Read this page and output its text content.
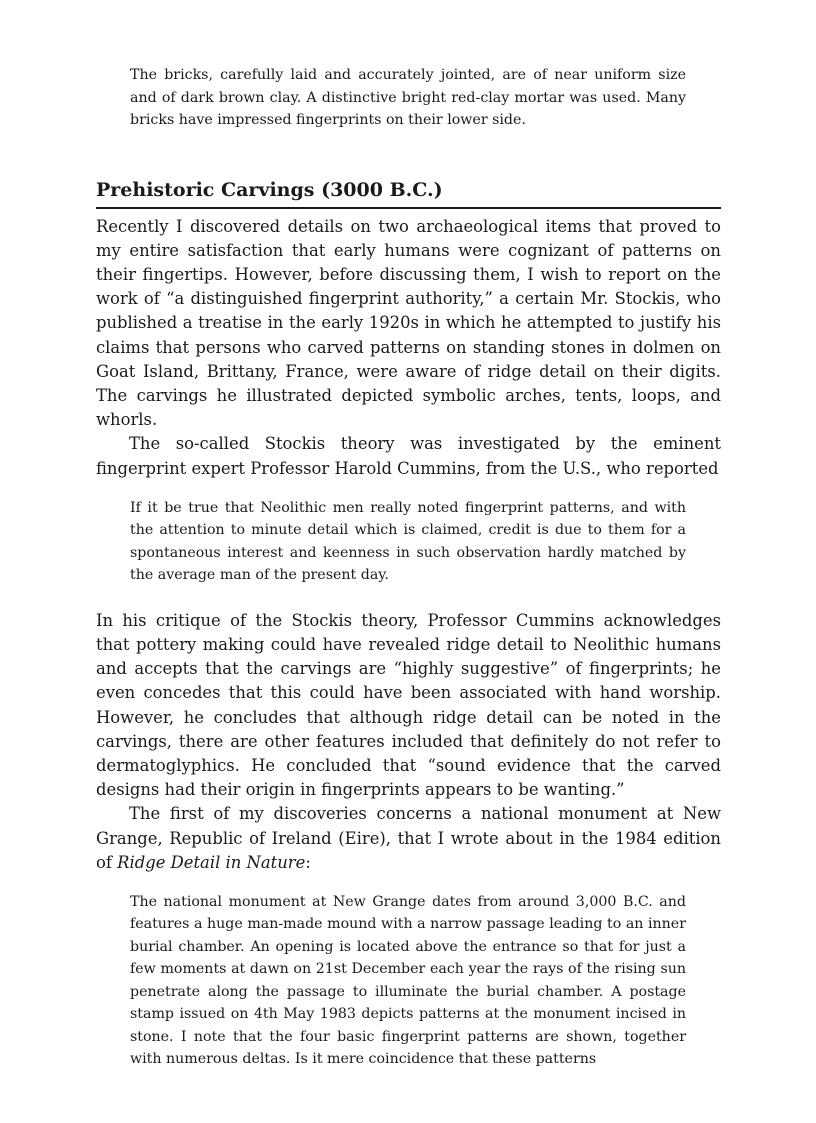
The bricks, carefully laid and accurately jointed, are of near uniform size and of dark brown clay. A distinctive bright red-clay mortar was used. Many bricks have impressed fingerprints on their lower side.

Prehistoric Carvings (3000 B.C.)

Recently I discovered details on two archaeological items that proved to my entire satisfaction that early humans were cognizant of patterns on their fingertips. However, before discussing them, I wish to report on the work of “a distinguished fingerprint authority,” a certain Mr. Stockis, who published a treatise in the early 1920s in which he attempted to justify his claims that persons who carved patterns on standing stones in dolmen on Goat Island, Brittany, France, were aware of ridge detail on their digits. The carvings he illustrated depicted symbolic arches, tents, loops, and whorls.

The so-called Stockis theory was investigated by the eminent fingerprint expert Professor Harold Cummins, from the U.S., who reported

If it be true that Neolithic men really noted fingerprint patterns, and with the attention to minute detail which is claimed, credit is due to them for a spontaneous interest and keenness in such observation hardly matched by the average man of the present day.

In his critique of the Stockis theory, Professor Cummins acknowledges that pottery making could have revealed ridge detail to Neolithic humans and accepts that the carvings are “highly suggestive” of fingerprints; he even concedes that this could have been associated with hand worship. However, he concludes that although ridge detail can be noted in the carvings, there are other features included that definitely do not refer to dermatoglyphics. He concluded that “sound evidence that the carved designs had their origin in fingerprints appears to be wanting.”

The first of my discoveries concerns a national monument at New Grange, Republic of Ireland (Eire), that I wrote about in the 1984 edition of Ridge Detail in Nature:

The national monument at New Grange dates from around 3,000 B.C. and features a huge man-made mound with a narrow passage leading to an inner burial chamber. An opening is located above the entrance so that for just a few moments at dawn on 21st December each year the rays of the rising sun penetrate along the passage to illuminate the burial chamber. A postage stamp issued on 4th May 1983 depicts patterns at the monument incised in stone. I note that the four basic fingerprint patterns are shown, together with numerous deltas. Is it mere coincidence that these patterns
